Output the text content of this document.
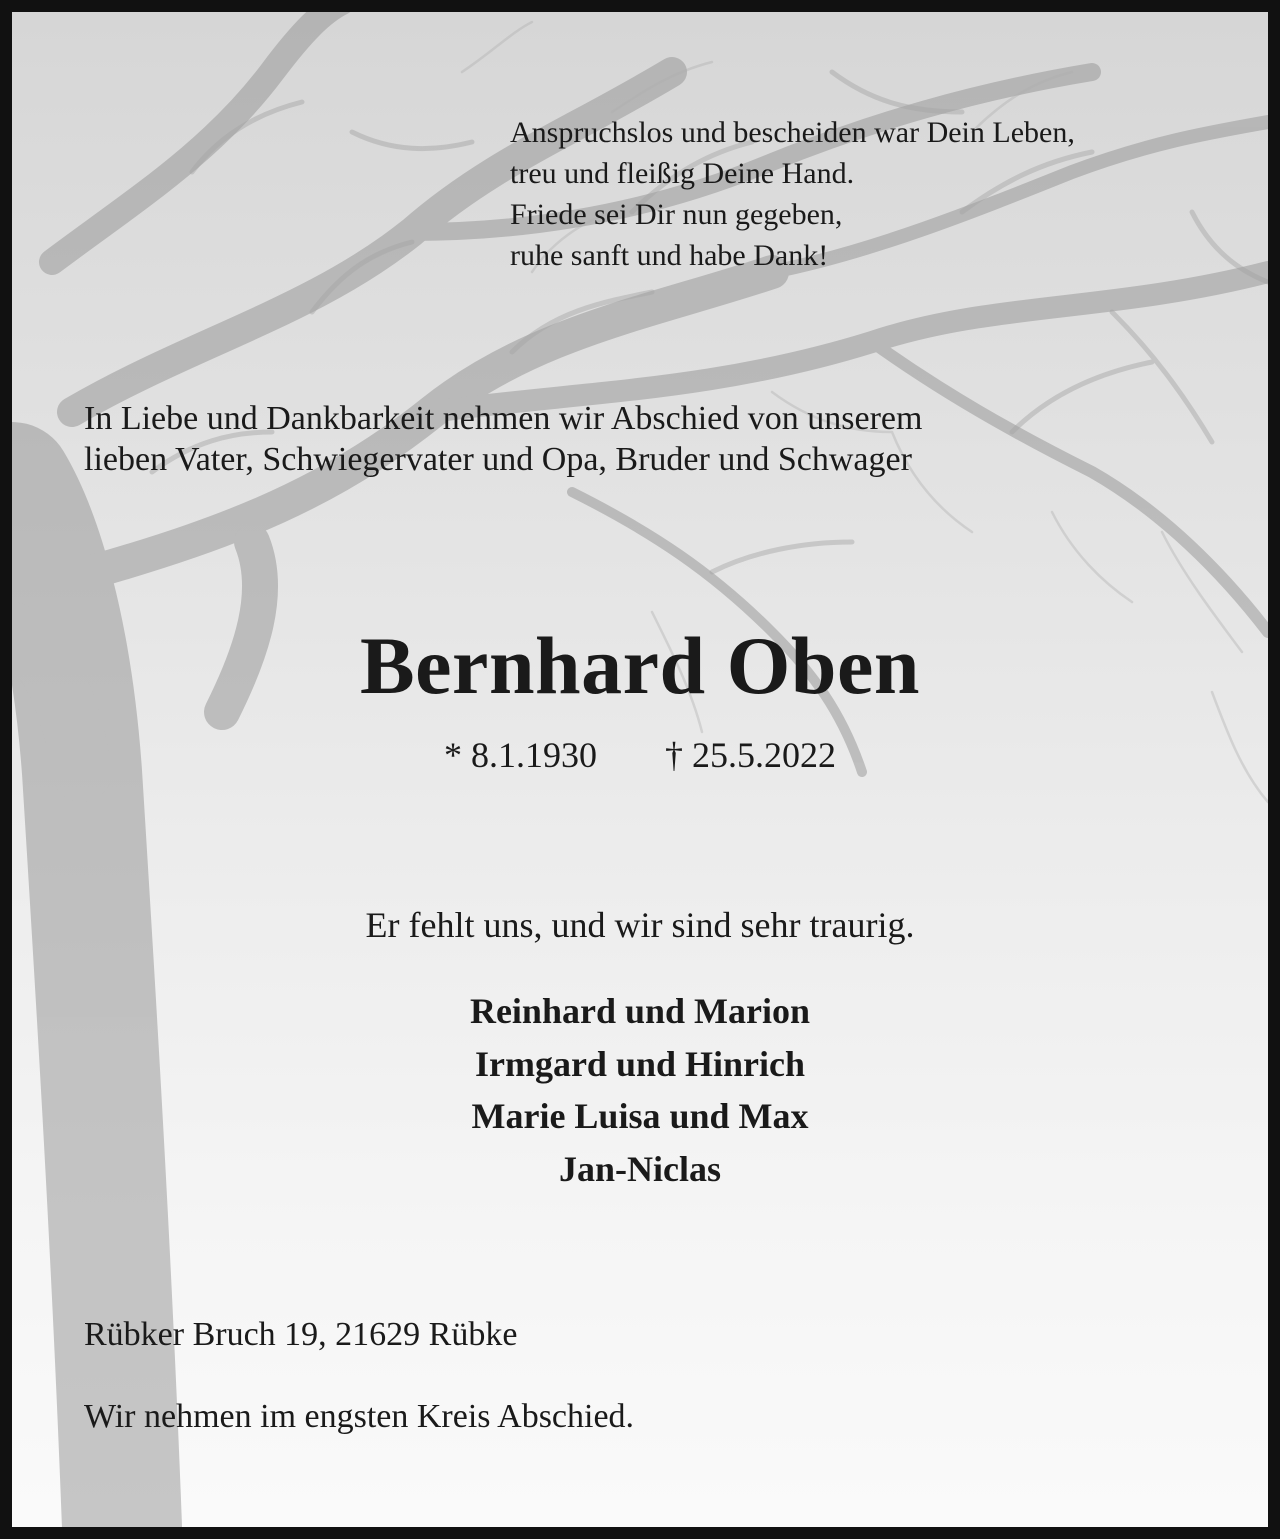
Anspruchslos und bescheiden war Dein Leben,
treu und fleißig Deine Hand.
Friede sei Dir nun gegeben,
ruhe sanft und habe Dank!
In Liebe und Dankbarkeit nehmen wir Abschied von unserem
lieben Vater, Schwiegervater und Opa, Bruder und Schwager
Bernhard Oben
* 8.1.1930 † 25.5.2022
Er fehlt uns, und wir sind sehr traurig.
Reinhard und Marion
Irmgard und Hinrich
Marie Luisa und Max
Jan-Niclas
Rübker Bruch 19, 21629 Rübke
Wir nehmen im engsten Kreis Abschied.
